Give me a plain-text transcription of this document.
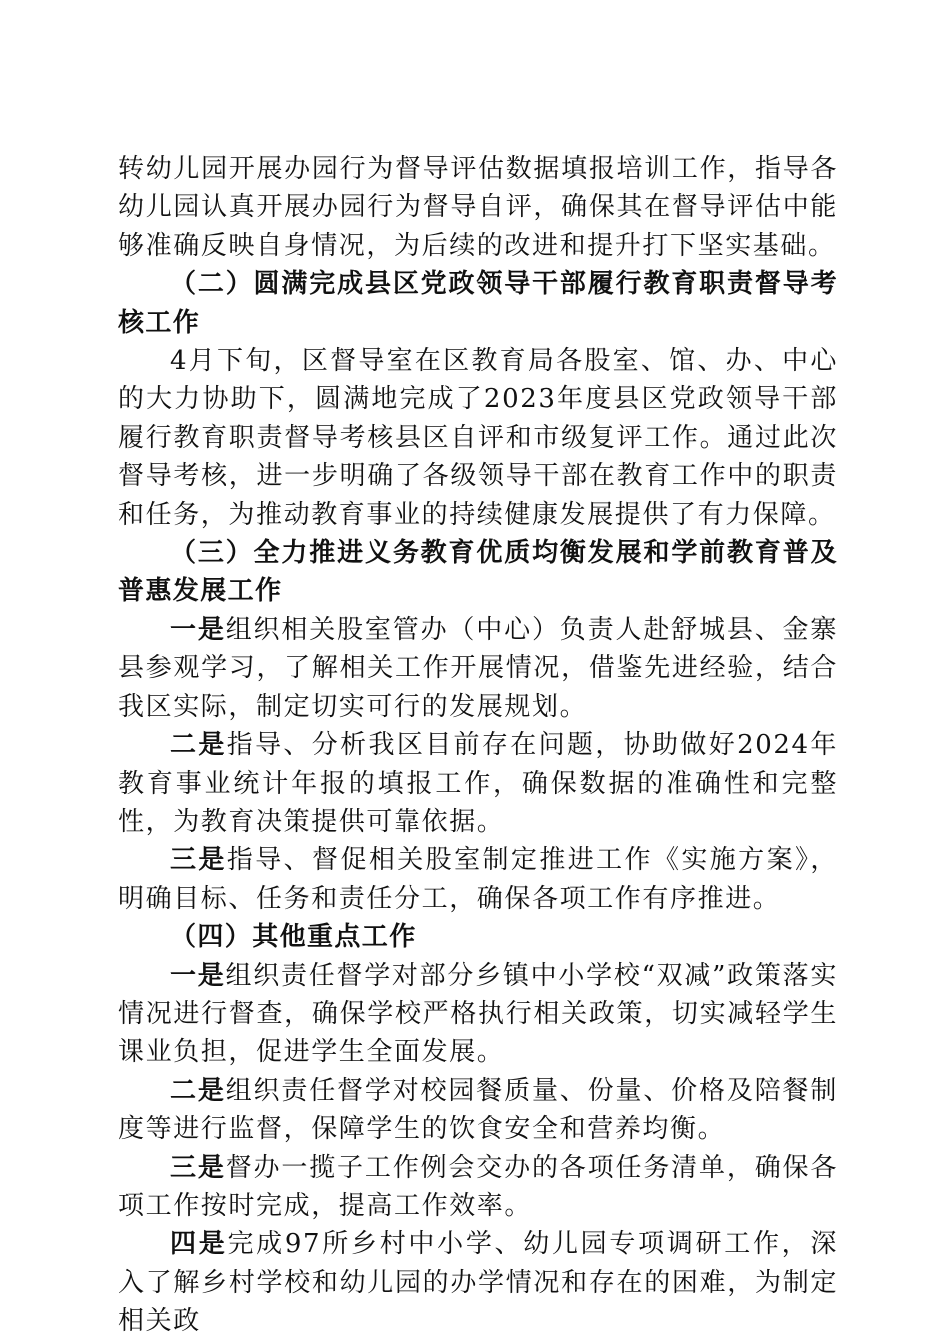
转幼儿园开展办园行为督导评估数据填报培训工作，指导各幼儿园认真开展办园行为督导自评，确保其在督导评估中能够准确反映自身情况，为后续的改进和提升打下坚实基础。

（二）圆满完成县区党政领导干部履行教育职责督导考核工作

4月下旬，区督导室在区教育局各股室、馆、办、中心的大力协助下，圆满地完成了2023年度县区党政领导干部履行教育职责督导考核县区自评和市级复评工作。通过此次督导考核，进一步明确了各级领导干部在教育工作中的职责和任务，为推动教育事业的持续健康发展提供了有力保障。

（三）全力推进义务教育优质均衡发展和学前教育普及普惠发展工作

一是组织相关股室管办（中心）负责人赴舒城县、金寨县参观学习，了解相关工作开展情况，借鉴先进经验，结合我区实际，制定切实可行的发展规划。

二是指导、分析我区目前存在问题，协助做好2024年教育事业统计年报的填报工作，确保数据的准确性和完整性，为教育决策提供可靠依据。

三是指导、督促相关股室制定推进工作《实施方案》，明确目标、任务和责任分工，确保各项工作有序推进。

（四）其他重点工作

一是组织责任督学对部分乡镇中小学校“双减”政策落实情况进行督查，确保学校严格执行相关政策，切实减轻学生课业负担，促进学生全面发展。

二是组织责任督学对校园餐质量、份量、价格及陪餐制度等进行监督，保障学生的饮食安全和营养均衡。

三是督办一揽子工作例会交办的各项任务清单，确保各项工作按时完成，提高工作效率。

四是完成97所乡村中小学、幼儿园专项调研工作，深入了解乡村学校和幼儿园的办学情况和存在的困难，为制定相关政
